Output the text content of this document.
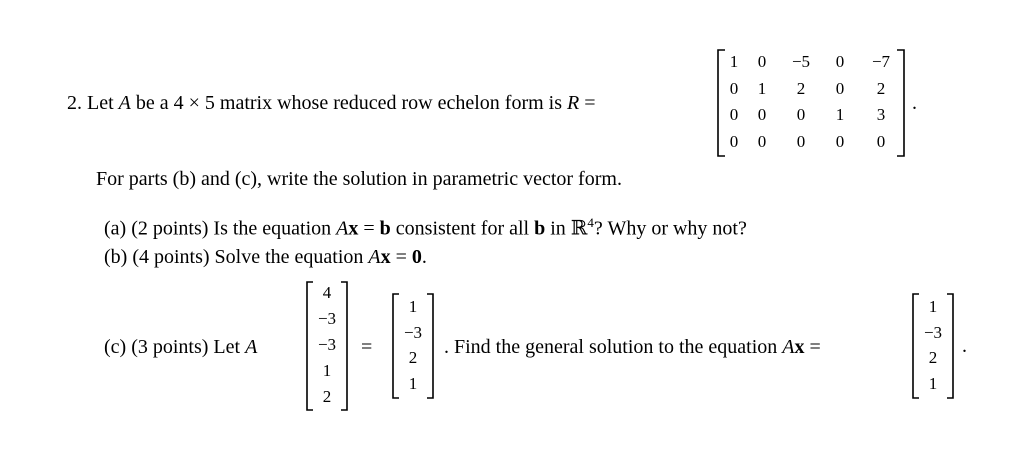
2. Let A be a 4 × 5 matrix whose reduced row echelon form is R =
1	0	−5	0	−7
0	1	2	0	2
0	0	0	1	3
0	0	0	0	0
.
For parts (b) and (c), write the solution in parametric vector form.
(a) (2 points) Is the equation Ax = b consistent for all b in ℝ$^4$? Why or why not?
(b) (4 points) Solve the equation Ax = 0.
(c) (3 points) Let A
4
−3
−3
1
2
=
1
−3
2
1
. Find the general solution to the equation Ax =
1
−3
2
1
.
